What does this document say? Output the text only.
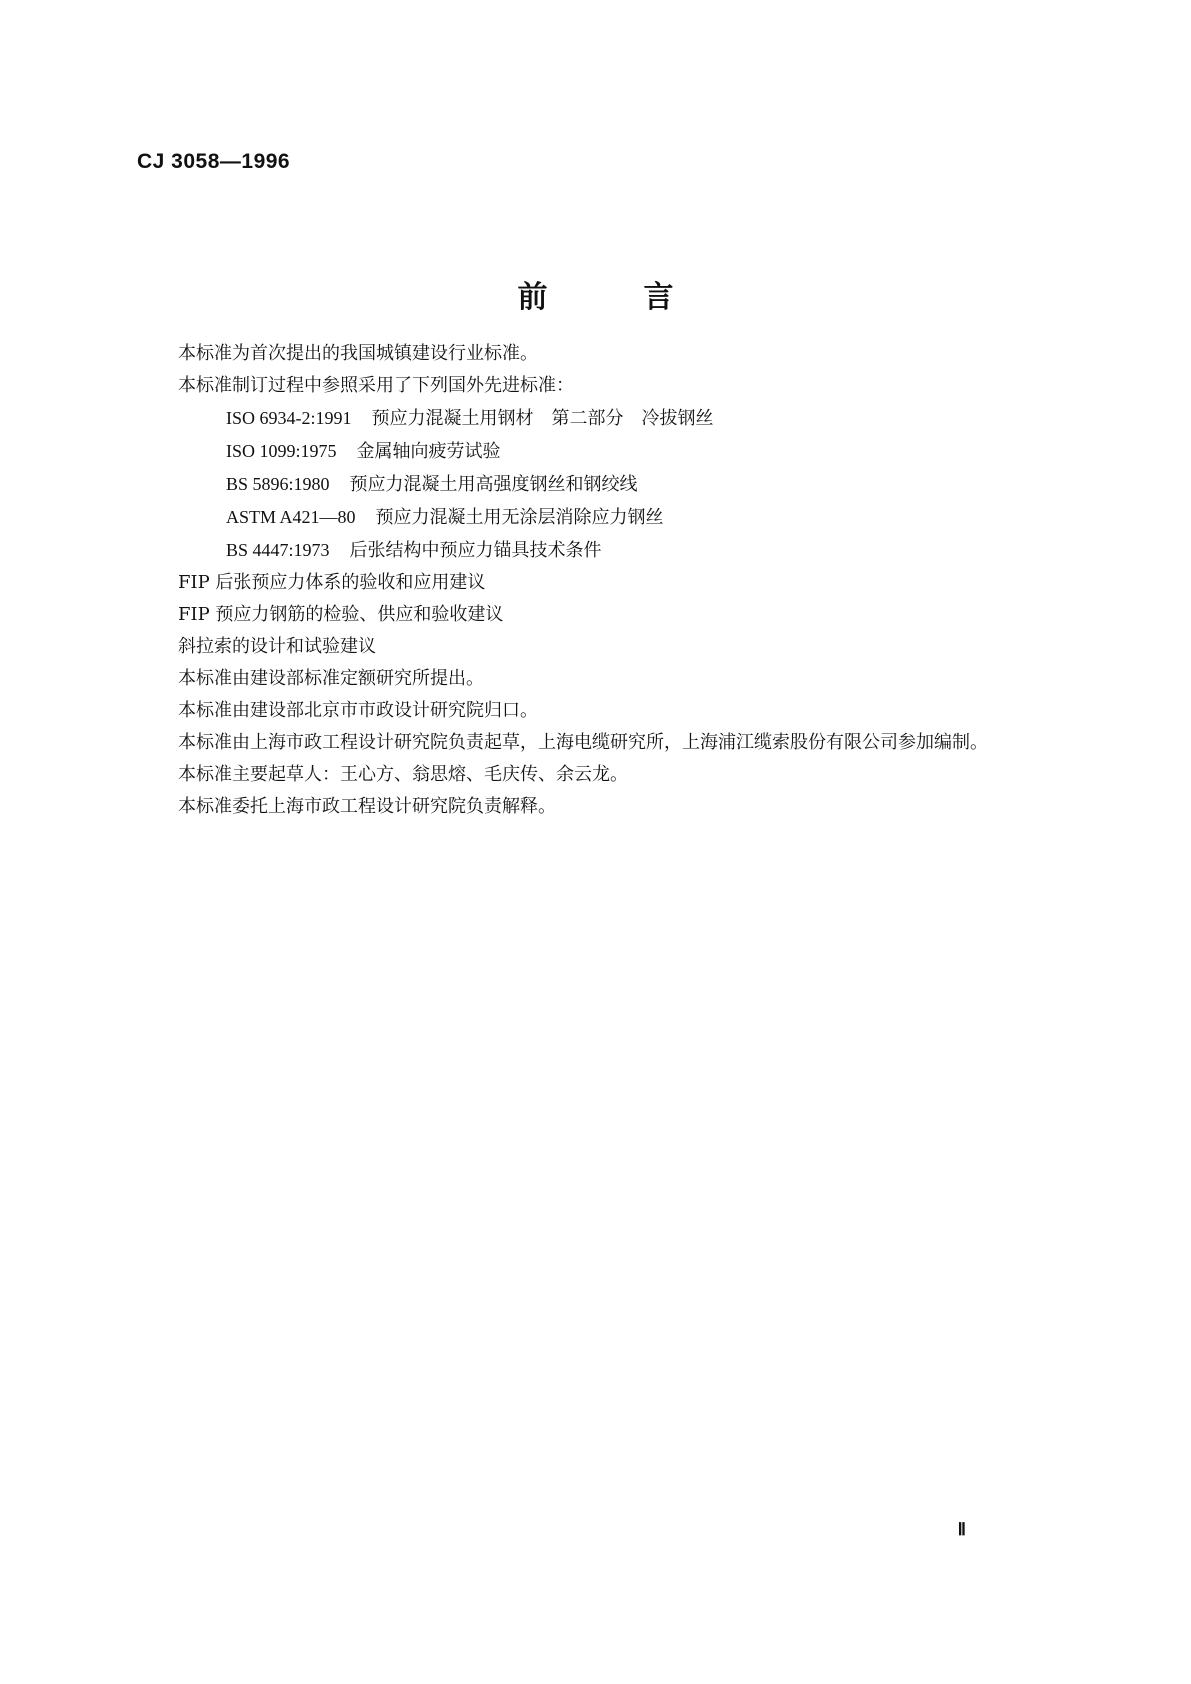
CJ 3058—1996
前	言

本标准为首次提出的我国城镇建设行业标准。

本标准制订过程中参照采用了下列国外先进标准：

ISO 6934-2:1991 预应力混凝土用钢材　第二部分　冷拔钢丝

ISO 1099:1975 金属轴向疲劳试验

BS 5896:1980 预应力混凝土用高强度钢丝和钢绞线

ASTM A421—80 预应力混凝土用无涂层消除应力钢丝

BS 4447:1973 后张结构中预应力锚具技术条件

FIP 后张预应力体系的验收和应用建议

FIP 预应力钢筋的检验、供应和验收建议

斜拉索的设计和试验建议

本标准由建设部标准定额研究所提出。

本标准由建设部北京市市政设计研究院归口。

本标准由上海市政工程设计研究院负责起草，上海电缆研究所，上海浦江缆索股份有限公司参加编制。

本标准主要起草人：王心方、翁思熔、毛庆传、余云龙。

本标准委托上海市政工程设计研究院负责解释。

Ⅱ
